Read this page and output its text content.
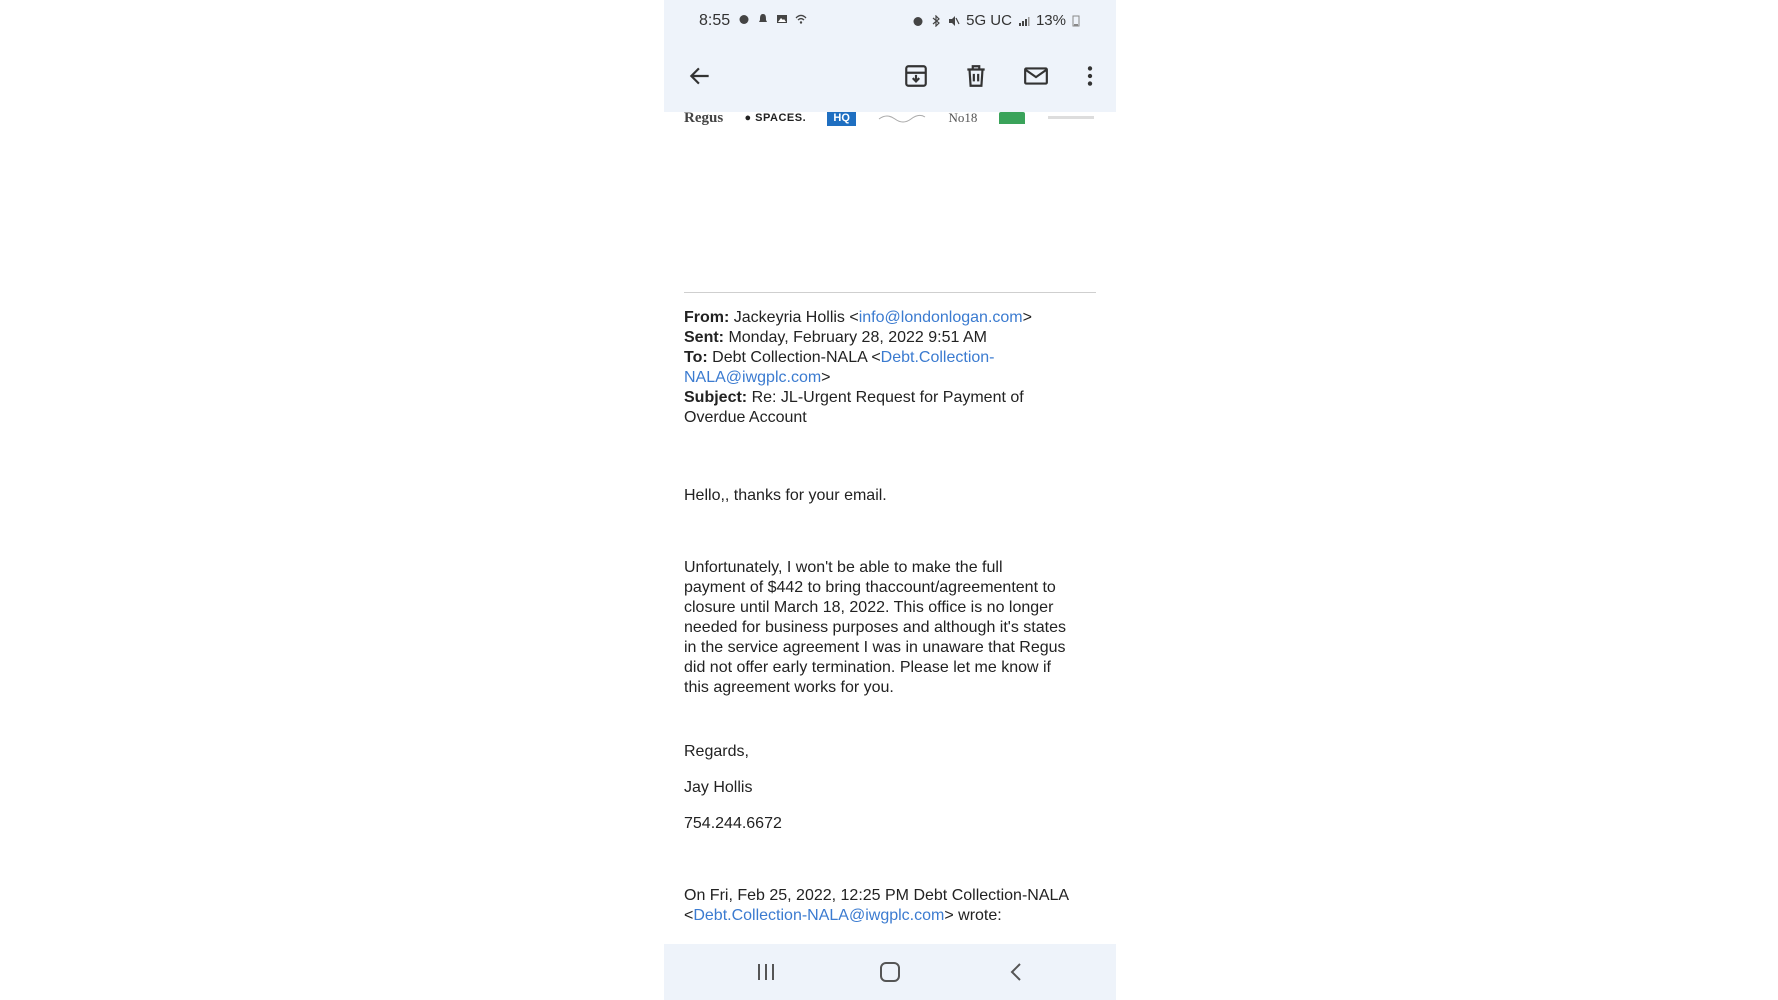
8:55	5G UC 13%
Regus ● SPACES.	HQ	No18
From: Jackeyria Hollis <info@londonlogan.com>
Sent: Monday, February 28, 2022 9:51 AM
To: Debt Collection-NALA <Debt.Collection-
NALA@iwgplc.com>
Subject: Re: JL-Urgent Request for Payment of
Overdue Account
Hello,, thanks for your email.
Unfortunately, I won't be able to make the full
payment of $442 to bring thaccount/agreementent to
closure until March 18, 2022. This office is no longer
needed for business purposes and although it's states
in the service agreement I was in unaware that Regus
did not offer early termination. Please let me know if
this agreement works for you.
Regards,
Jay Hollis
754.244.6672
On Fri, Feb 25, 2022, 12:25 PM Debt Collection-NALA
<Debt.Collection-NALA@iwgplc.com> wrote:
